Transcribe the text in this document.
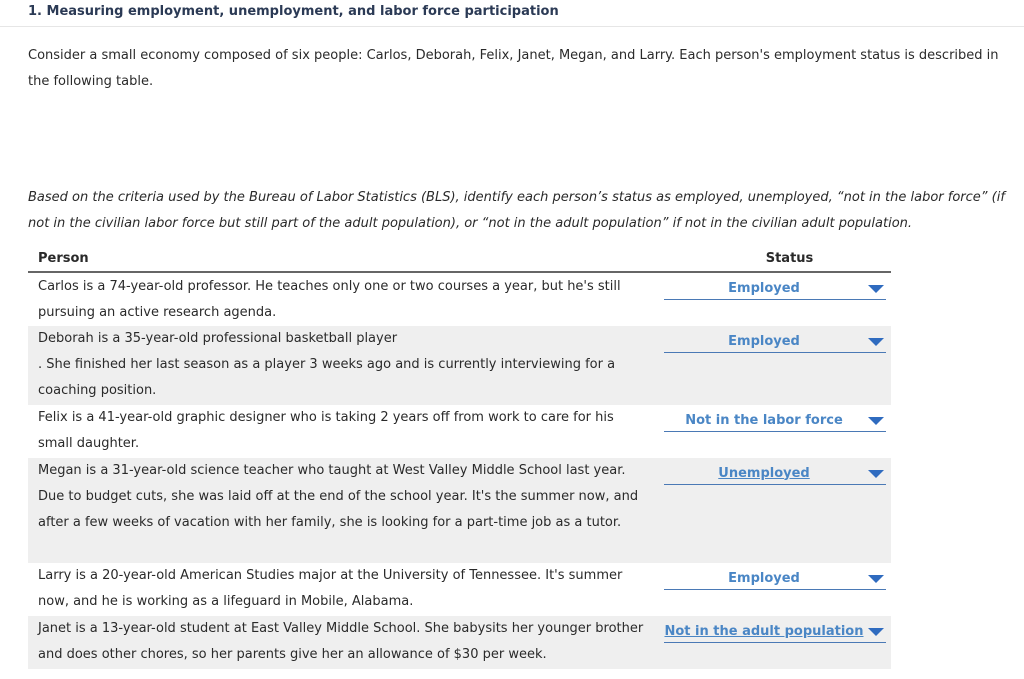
1. Measuring employment, unemployment, and labor force participation
Consider a small economy composed of six people: Carlos, Deborah, Felix, Janet, Megan, and Larry. Each person's employment status is described in the following table.
Based on the criteria used by the Bureau of Labor Statistics (BLS), identify each person’s status as employed, unemployed, “not in the labor force” (if not in the civilian labor force but still part of the adult population), or “not in the adult population” if not in the civilian adult population.
Person	Status
Carlos is a 74-year-old professor. He teaches only one or two courses a year, but he's still pursuing an active research agenda.
Employed
Deborah is a 35-year-old professional basketball player
. She finished her last season as a player 3 weeks ago and is currently interviewing for a coaching position.
Employed
Felix is a 41-year-old graphic designer who is taking 2 years off from work to care for his small daughter.
Not in the labor force
Megan is a 31-year-old science teacher who taught at West Valley Middle School last year. Due to budget cuts, she was laid off at the end of the school year. It's the summer now, and after a few weeks of vacation with her family, she is looking for a part-time job as a tutor.
Unemployed
Larry is a 20-year-old American Studies major at the University of Tennessee. It's summer now, and he is working as a lifeguard in Mobile, Alabama.
Employed
Janet is a 13-year-old student at East Valley Middle School. She babysits her younger brother and does other chores, so her parents give her an allowance of $30 per week.
Not in the adult population
